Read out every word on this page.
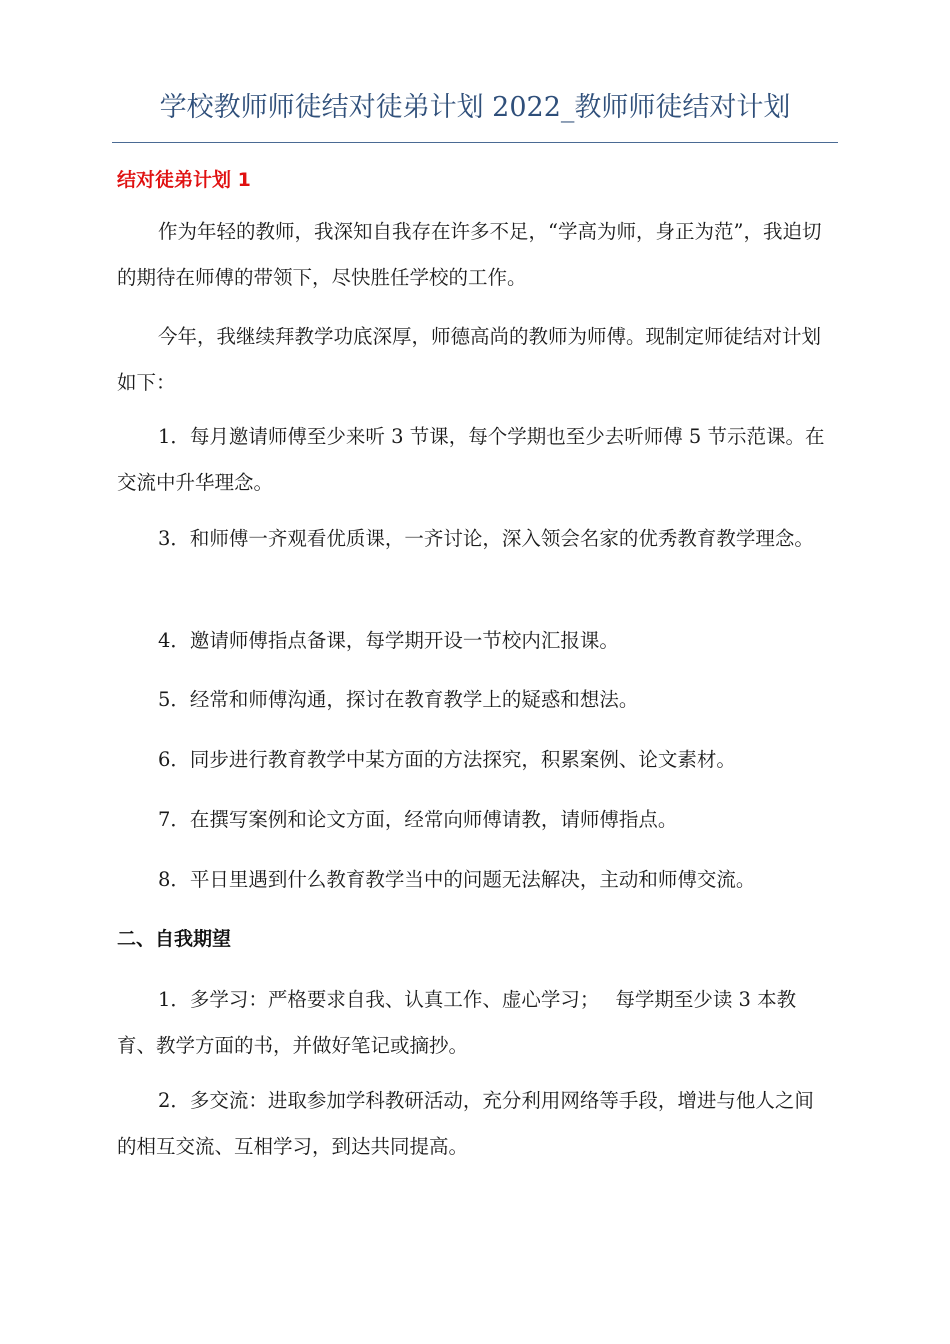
学校教师师徒结对徒弟计划 2022_教师师徒结对计划
结对徒弟计划 1

作为年轻的教师，我深知自我存在许多不足，“学高为师，身正为范”，我迫切的期待在师傅的带领下，尽快胜任学校的工作。

今年，我继续拜教学功底深厚，师德高尚的教师为师傅。现制定师徒结对计划如下：

1．每月邀请师傅至少来听 3 节课，每个学期也至少去听师傅 5 节示范课。在交流中升华理念。

3．和师傅一齐观看优质课，一齐讨论，深入领会名家的优秀教育教学理念。

4．邀请师傅指点备课，每学期开设一节校内汇报课。

5．经常和师傅沟通，探讨在教育教学上的疑惑和想法。

6．同步进行教育教学中某方面的方法探究，积累案例、论文素材。

7．在撰写案例和论文方面，经常向师傅请教，请师傅指点。

8．平日里遇到什么教育教学当中的问题无法解决，主动和师傅交流。

二、自我期望

1．多学习：严格要求自我、认真工作、虚心学习；　 每学期至少读 3 本教育、教学方面的书，并做好笔记或摘抄。

2．多交流：进取参加学科教研活动，充分利用网络等手段，增进与他人之间的相互交流、互相学习，到达共同提高。
